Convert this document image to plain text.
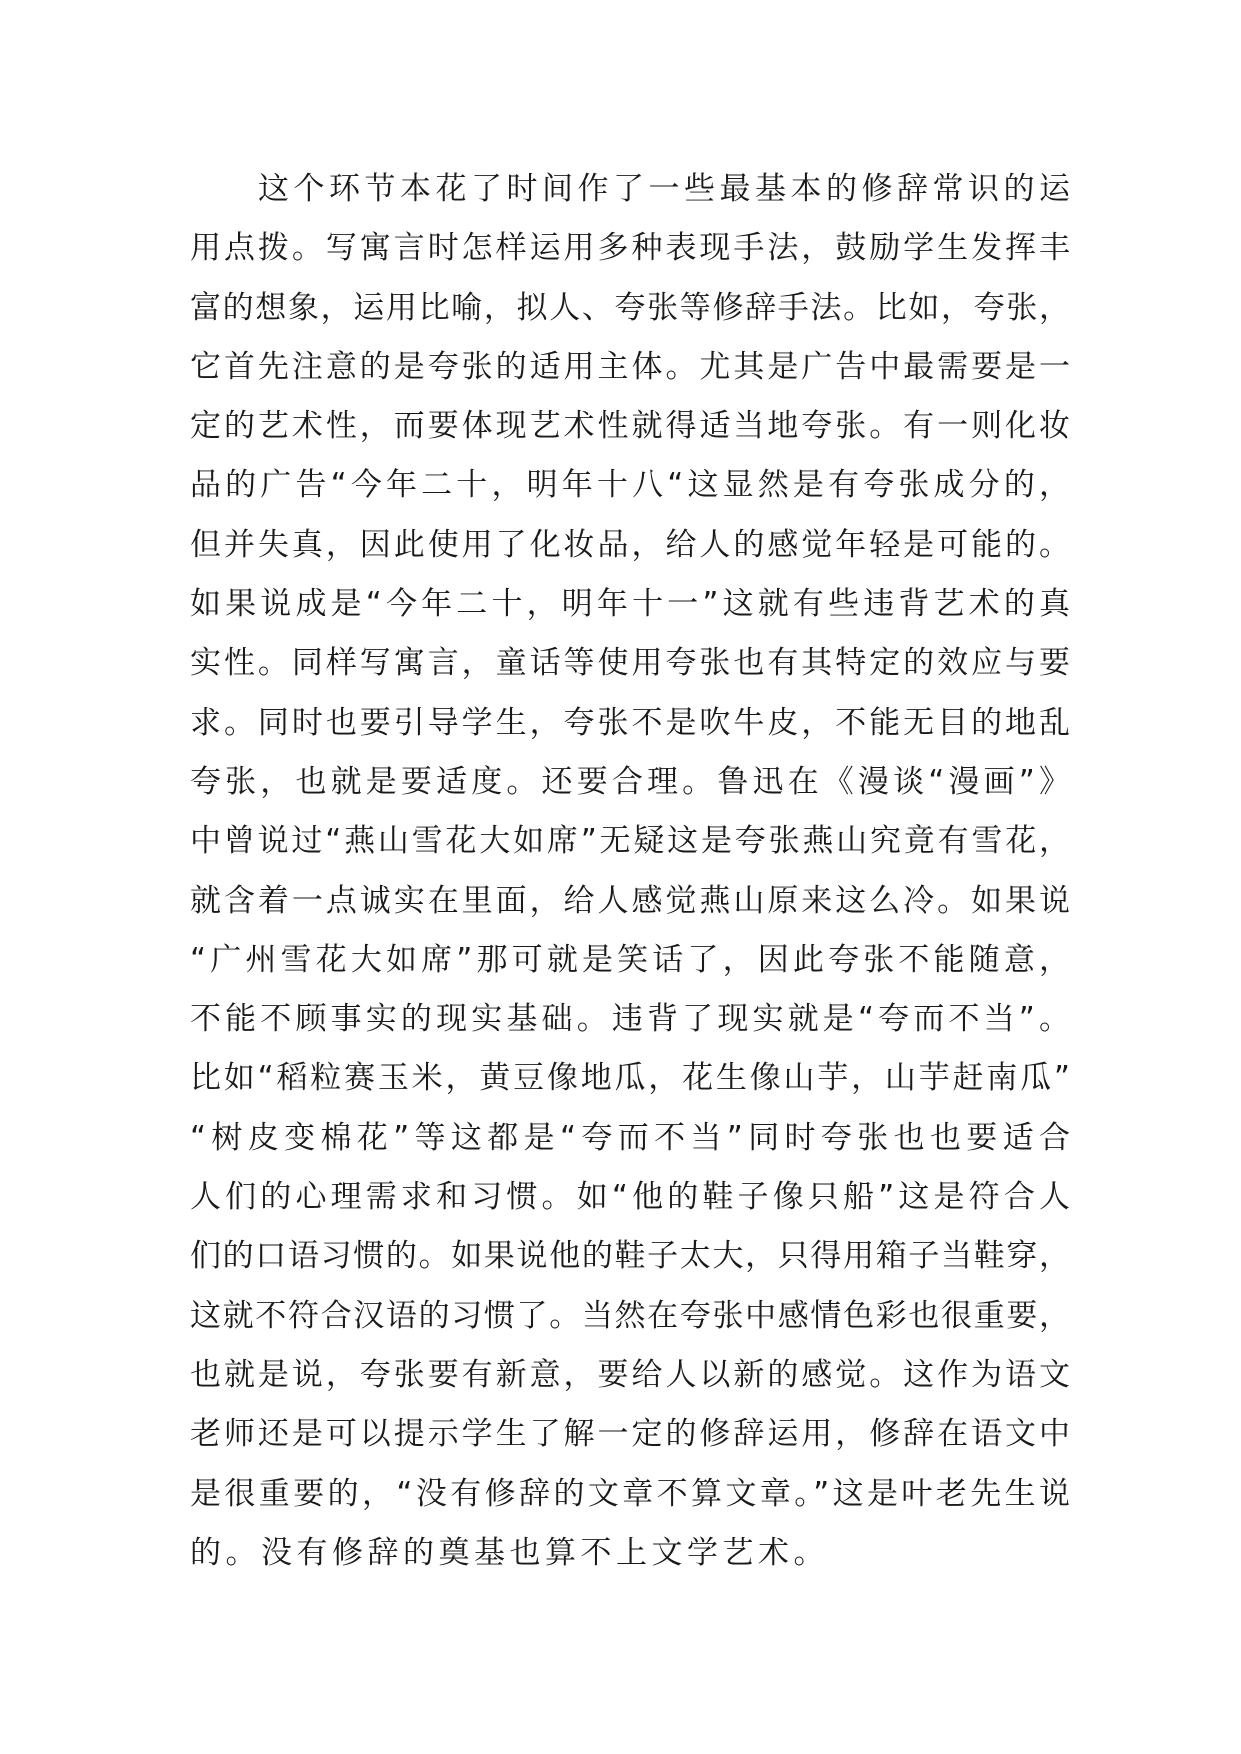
这个环节本花了时间作了一些最基本的修辞常识的运
用点拨。写寓言时怎样运用多种表现手法，鼓励学生发挥丰
富的想象，运用比喻，拟人、夸张等修辞手法。比如，夸张，
它首先注意的是夸张的适用主体。尤其是广告中最需要是一
定的艺术性，而要体现艺术性就得适当地夸张。有一则化妆
品的广告“今年二十，明年十八“这显然是有夸张成分的，
但并失真，因此使用了化妆品，给人的感觉年轻是可能的。
如果说成是“今年二十，明年十一”这就有些违背艺术的真
实性。同样写寓言，童话等使用夸张也有其特定的效应与要
求。同时也要引导学生，夸张不是吹牛皮，不能无目的地乱
夸张，也就是要适度。还要合理。鲁迅在《漫谈“漫画”》
中曾说过“燕山雪花大如席”无疑这是夸张燕山究竟有雪花，
就含着一点诚实在里面，给人感觉燕山原来这么冷。如果说
“广州雪花大如席”那可就是笑话了，因此夸张不能随意，
不能不顾事实的现实基础。违背了现实就是“夸而不当”。
比如“稻粒赛玉米，黄豆像地瓜，花生像山芋，山芋赶南瓜”
“树皮变棉花”等这都是“夸而不当”同时夸张也也要适合
人们的心理需求和习惯。如“他的鞋子像只船”这是符合人
们的口语习惯的。如果说他的鞋子太大，只得用箱子当鞋穿，
这就不符合汉语的习惯了。当然在夸张中感情色彩也很重要，
也就是说，夸张要有新意，要给人以新的感觉。这作为语文
老师还是可以提示学生了解一定的修辞运用，修辞在语文中
是很重要的，“没有修辞的文章不算文章。”这是叶老先生说
的。没有修辞的奠基也算不上文学艺术。
